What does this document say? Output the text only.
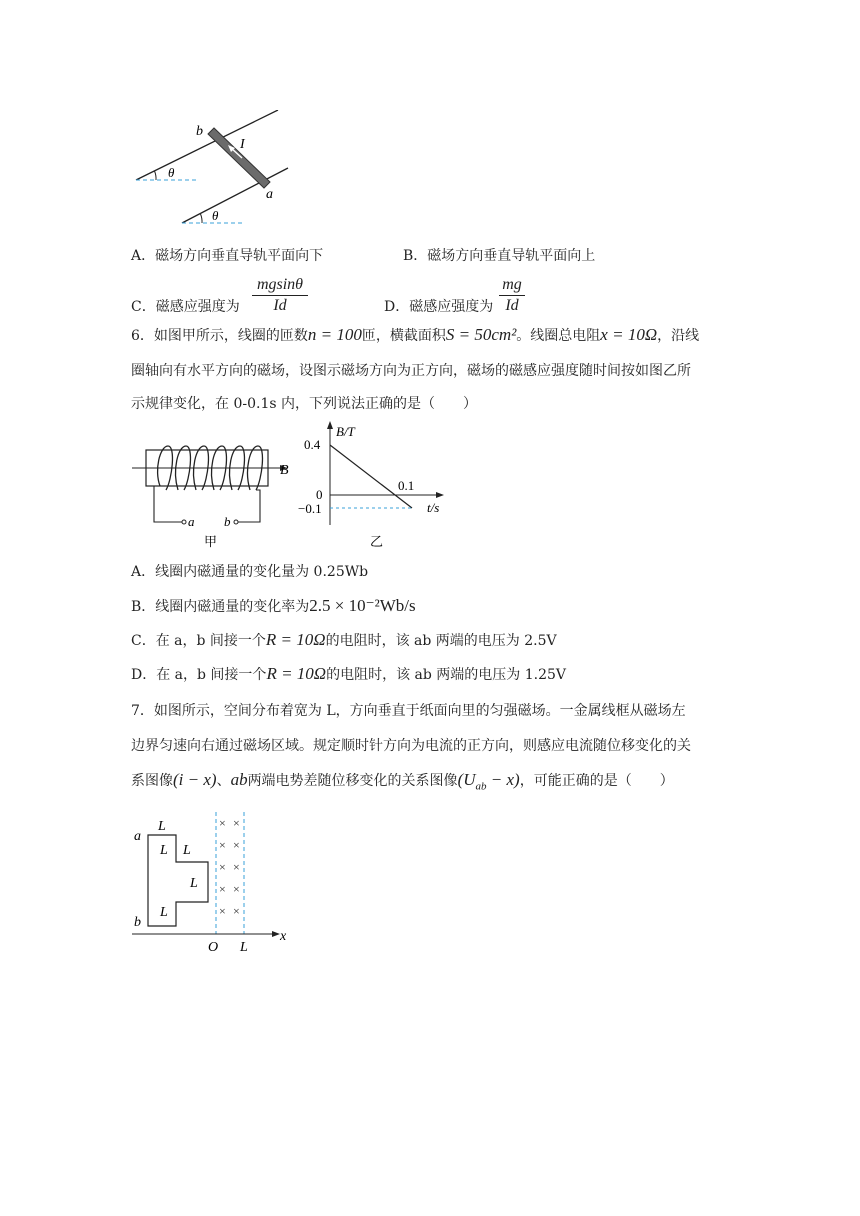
b
I
a
θ
θ
A．磁场方向垂直导轨平面向下	B．磁场方向垂直导轨平面向上
C．磁感应强度为
mgsinθ
Id	D．磁感应强度为
mg
Id
6．如图甲所示，线圈的匝数n = 100匝，横截面积S = 50cm²。线圈总电阻x = 10Ω，沿线
圈轴向有水平方向的磁场，设图示磁场方向为正方向，磁场的磁感应强度随时间按如图乙所
示规律变化，在 0-0.1s 内，下列说法正确的是（　　）
B
a b
甲
B/T
0.4
0
−0.1
0.1
t/s
乙
A．线圈内磁通量的变化量为 0.25Wb
B．线圈内磁通量的变化率为2.5 × 10⁻²Wb/s
C．在 a，b 间接一个R = 10Ω的电阻时，该 ab 两端的电压为 2.5V
D．在 a，b 间接一个R = 10Ω的电阻时，该 ab 两端的电压为 1.25V
7．如图所示，空间分布着宽为 L，方向垂直于纸面向里的匀强磁场。一金属线框从磁场左
边界匀速向右通过磁场区域。规定顺时针方向为电流的正方向，则感应电流随位移变化的关
系图像(i − x)、ab两端电势差随位移变化的关系图像$(U_{ab} - x)$，可能正确的是（　　）
× ×
× ×
× ×
× ×
× ×
L
L L
L
L
a
b
O L
x
